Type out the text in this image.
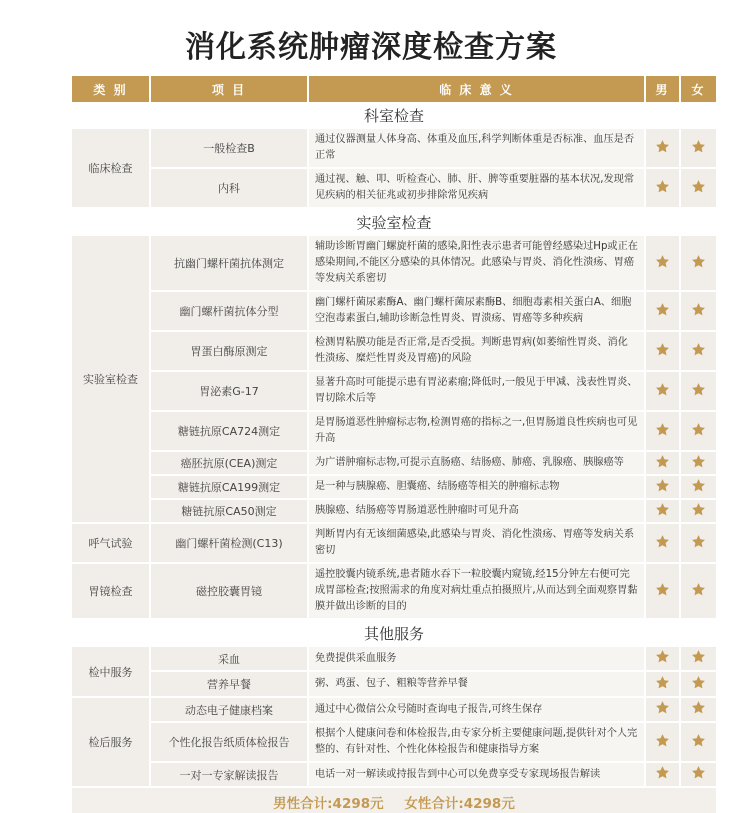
消化系统肿瘤深度检查方案
类 别	项 目	临 床 意 义	男	女
科室检查				
临床检查	一般检查B	通过仪器测量人体身高、体重及血压,科学判断体重是否标准、血压是否正常		
	内科	通过视、触、叩、听检查心、肺、肝、脾等重要脏器的基本状况,发现常见疾病的相关征兆或初步排除常见疾病		
实验室检查				
实验室检查	抗幽门螺杆菌抗体测定	辅助诊断胃幽门螺旋杆菌的感染,阳性表示患者可能曾经感染过Hp或正在感染期间,不能区分感染的具体情况。此感染与胃炎、消化性溃疡、胃癌等发病关系密切		
	幽门螺杆菌抗体分型	幽门螺杆菌尿素酶A、幽门螺杆菌尿素酶B、细胞毒素相关蛋白A、细胞空泡毒素蛋白,辅助诊断急性胃炎、胃溃疡、胃癌等多种疾病		
	胃蛋白酶原测定	检测胃粘膜功能是否正常,是否受损。判断患胃病(如萎缩性胃炎、消化性溃疡、糜烂性胃炎及胃癌)的风险		
	胃泌素G-17	显著升高时可能提示患有胃泌素瘤;降低时,一般见于甲减、浅表性胃炎、胃切除术后等		
	糖链抗原CA724测定	是胃肠道恶性肿瘤标志物,检测胃癌的指标之一,但胃肠道良性疾病也可见升高		
	癌胚抗原(CEA)测定	为广谱肿瘤标志物,可提示直肠癌、结肠癌、肺癌、乳腺癌、胰腺癌等		
	糖链抗原CA199测定	是一种与胰腺癌、胆囊癌、结肠癌等相关的肿瘤标志物		
	糖链抗原CA50测定	胰腺癌、结肠癌等胃肠道恶性肿瘤时可见升高		
呼气试验	幽门螺杆菌检测(C13)	判断胃内有无该细菌感染,此感染与胃炎、消化性溃疡、胃癌等发病关系密切		
胃镜检查	磁控胶囊胃镜	遥控胶囊内镜系统,患者随水吞下一粒胶囊内窥镜,经15分钟左右便可完成胃部检查;按照需求的角度对病灶重点拍摄照片,从而达到全面观察胃黏膜并做出诊断的目的		
其他服务				
检中服务	采血	免费提供采血服务		
	营养早餐	粥、鸡蛋、包子、粗粮等营养早餐		
检后服务	动态电子健康档案	通过中心微信公众号随时查询电子报告,可终生保存		
	个性化报告纸质体检报告	根据个人健康问卷和体检报告,由专家分析主要健康问题,提供针对个人完整的、有针对性、个性化体检报告和健康指导方案		
	一对一专家解读报告	电话一对一解读或持报告到中心可以免费享受专家现场报告解读		
男性合计:4298元 女性合计:4298元				
